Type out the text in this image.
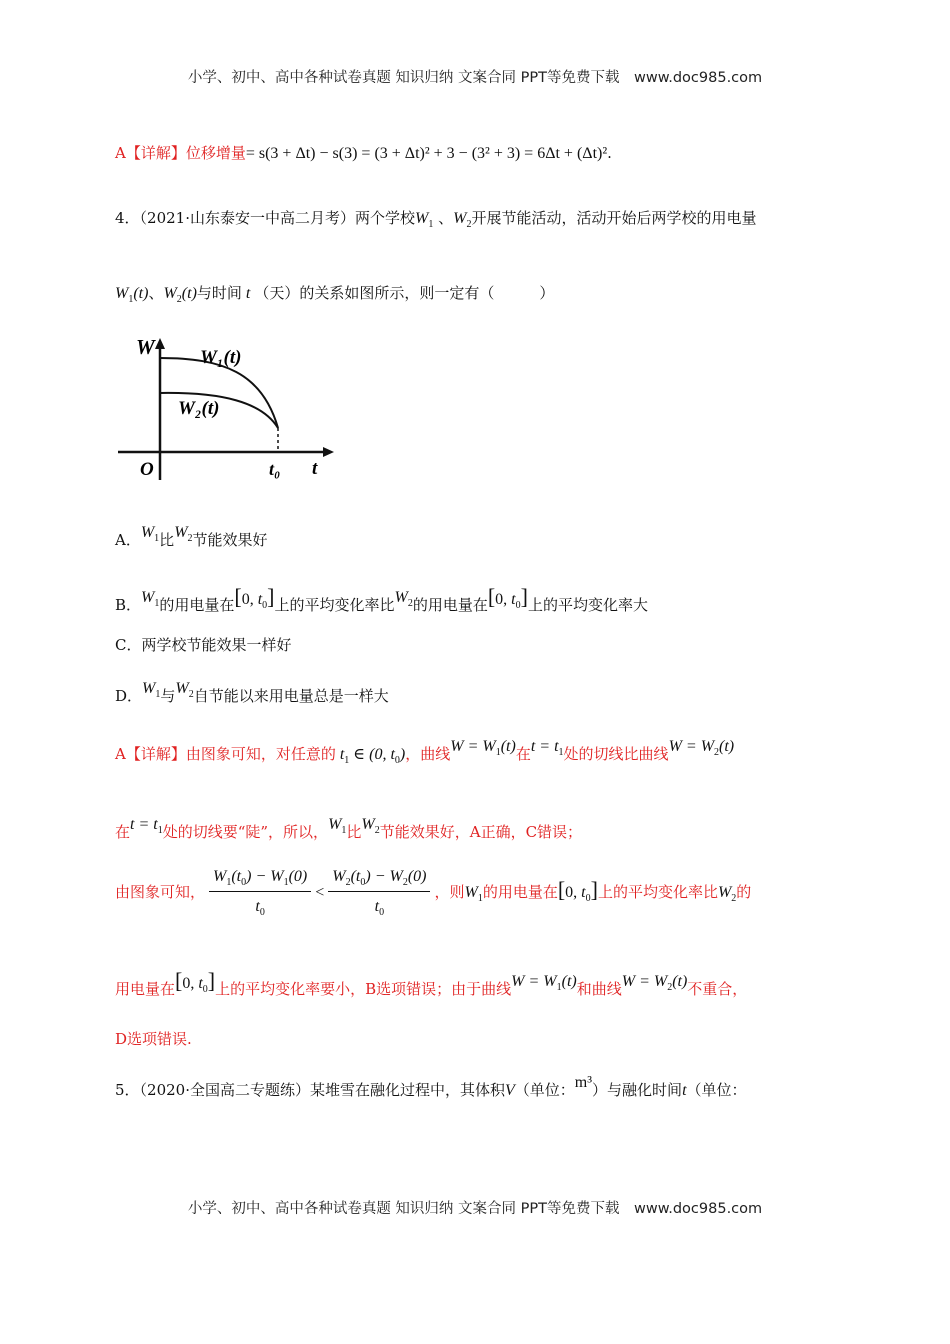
小学、初中、高中各种试卷真题 知识归纳 文案合同 PPT等免费下载　www.doc985.com
A【详解】位移增量= s(3 + Δt) − s(3) = (3 + Δt)² + 3 − (3² + 3) = 6Δt + (Δt)².
4．（2021·山东泰安一中高二月考）两个学校$W_1$ 、$W_2$开展节能活动，活动开始后两学校的用电量
$W_1(t)$、$W_2(t)$与时间 t （天）的关系如图所示，则一定有（　　　）
W
t
O	t₀
W₁(t)
W₂(t)
A．$W_1$比$W_2$节能效果好
B．$W_1$的用电量在[0, $t_0$]上的平均变化率比$W_2$的用电量在[0, $t_0$]上的平均变化率大
C．两学校节能效果一样好
D．$W_1$与$W_2$自节能以来用电量总是一样大
A【详解】由图象可知，对任意的 $t_1$ ∈ (0, $t_0$)，曲线$W = W_1(t)$在$t = t_1$处的切线比曲线$W = W_2(t)$
在$t = t_1$处的切线要“陡”，所以，$W_1$比$W_2$节能效果好，A正确，C错误；
由图象可知， $\frac{W_1(t_0) - W_1(0)}{t_0} < \frac{W_2(t_0) - W_2(0)}{t_0}$ ，则$W_1$的用电量在[0, $t_0$]上的平均变化率比$W_2$的
用电量在[0, $t_0$]上的平均变化率要小，B选项错误；由于曲线$W = W_1(t)$和曲线$W = W_2(t)$不重合，
D选项错误.
5．（2020·全国高二专题练）某堆雪在融化过程中，其体积V（单位：m³）与融化时间t（单位：
小学、初中、高中各种试卷真题 知识归纳 文案合同 PPT等免费下载　www.doc985.com
